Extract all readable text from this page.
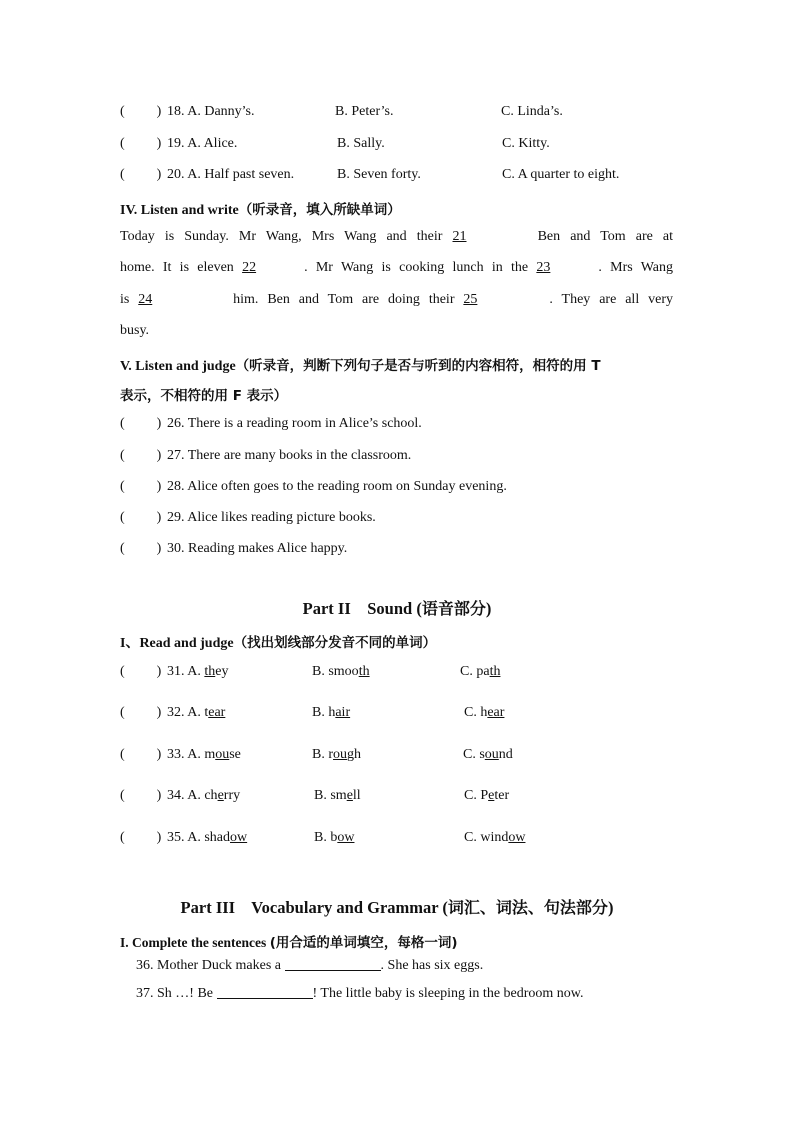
( ) 18. A. Danny’s.	B. Peter’s.	C. Linda’s.
( ) 19. A. Alice.	B. Sally.	C. Kitty.
( ) 20. A. Half past seven.	B. Seven forty.	C. A quarter to eight.
IV. Listen and write（听录音，填入所缺单词）
Today is Sunday. Mr Wang, Mrs Wang and their 21	Ben and Tom are at
home. It is eleven 22	. Mr Wang is cooking lunch in the 23	. Mrs Wang
is 24	him. Ben and Tom are doing their 25	. They are all very
busy.
V. Listen and judge（听录音，判断下列句子是否与听到的内容相符，相符的用 T
表示，不相符的用 F 表示）
( ) 26. There is a reading room in Alice’s school.
( ) 27. There are many books in the classroom.
( ) 28. Alice often goes to the reading room on Sunday evening.
( ) 29. Alice likes reading picture books.
( ) 30. Reading makes Alice happy.
Part II    Sound (语音部分)
I、Read and judge（找出划线部分发音不同的单词）
( ) 31. A. they	B. smooth	C. path
( ) 32. A. tear	B. hair	C. hear
( ) 33. A. mouse	B. rough	C. sound
( ) 34. A. cherry	B. smell	C. Peter
( ) 35. A. shadow	B. bow	C. window
Part III    Vocabulary and Grammar (词汇、词法、句法部分)
I. Complete the sentences (用合适的单词填空，每格一词)
36. Mother Duck makes a	. She has six eggs.
37. Sh …! Be	! The little baby is sleeping in the bedroom now.
